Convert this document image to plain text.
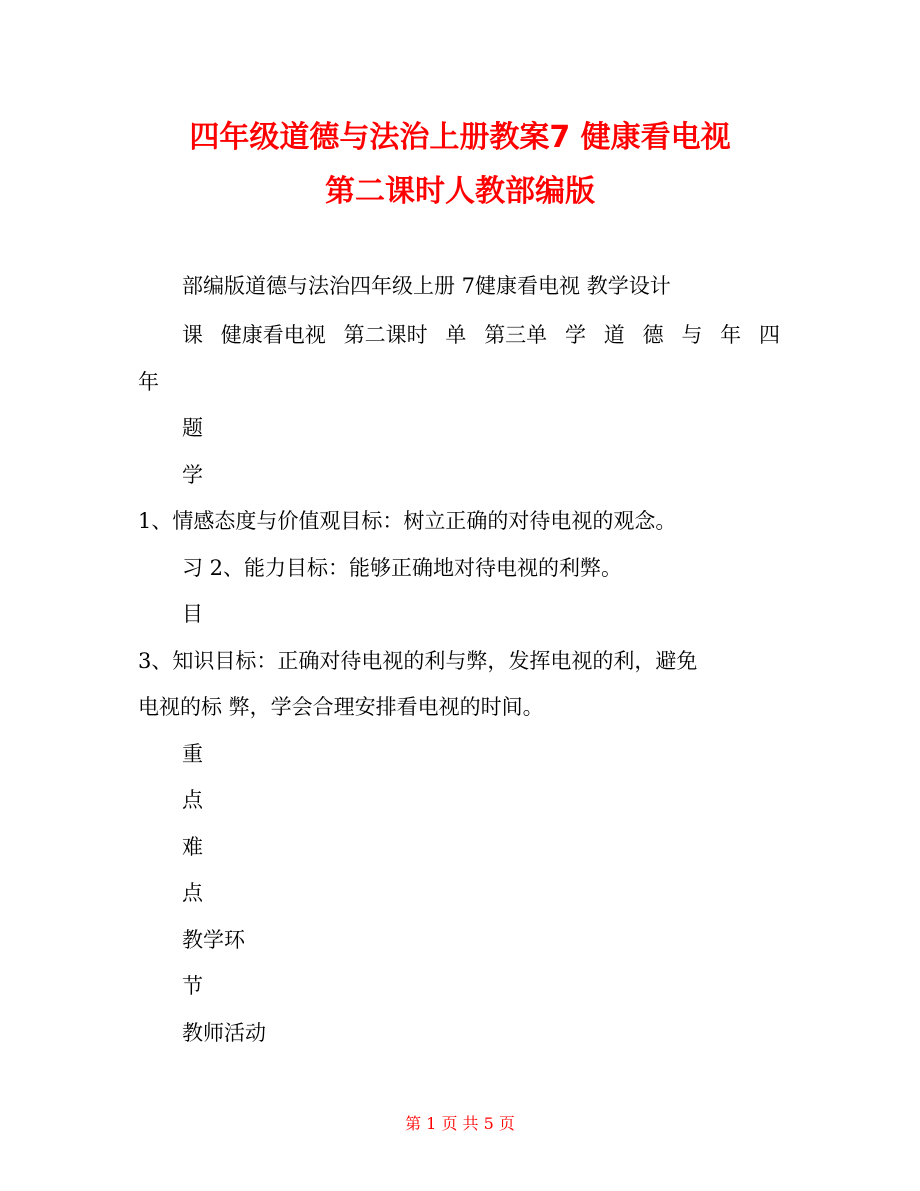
四年级道德与法治上册教案7 健康看电视
第二课时人教部编版
部编版道德与法治四年级上册 7健康看电视 教学设计
课 健康看电视 第二课时 单 第三单 学 道 德 与 年 四
年
题
学
1、情感态度与价值观目标：树立正确的对待电视的观念。
习 2、能力目标：能够正确地对待电视的利弊。
目
3、知识目标：正确对待电视的利与弊，发挥电视的利，避免
电视的标 弊，学会合理安排看电视的时间。
重
点
难
点
教学环
节
教师活动
第 1 页 共 5 页
